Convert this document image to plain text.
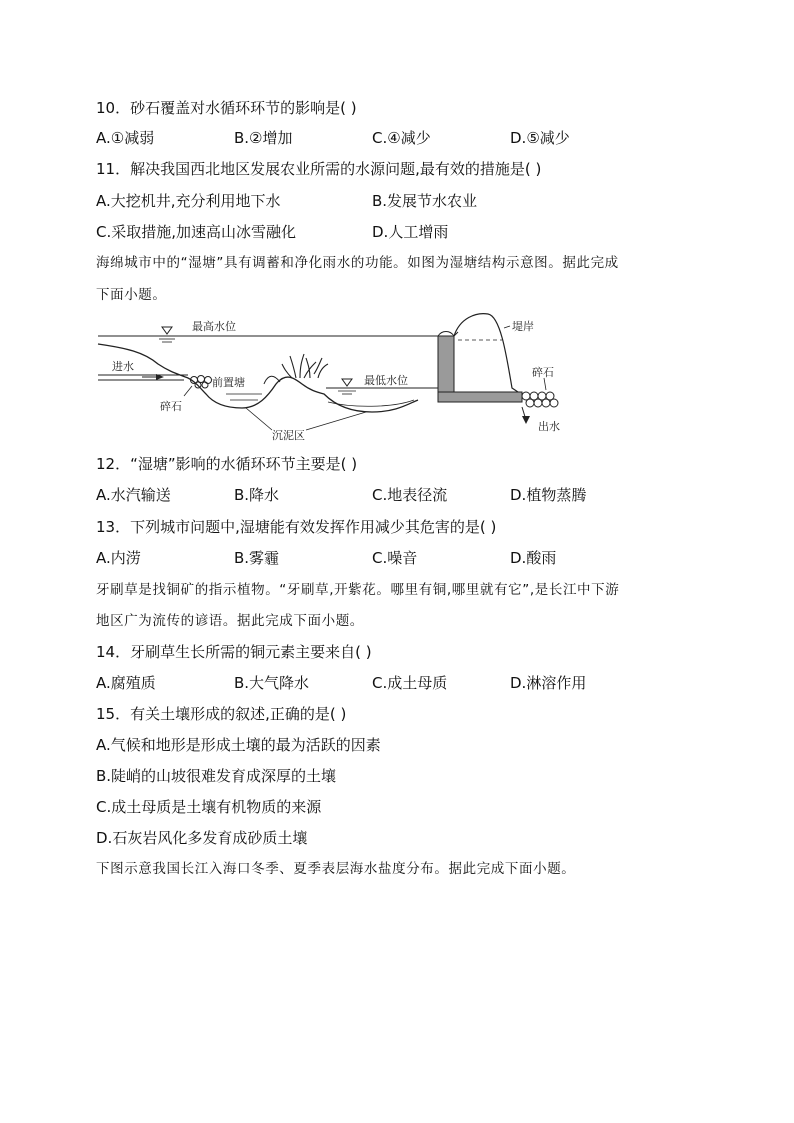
10．砂石覆盖对水循环环节的影响是( )
A.①减弱	B.②增加	C.④减少	D.⑤减少
11．解决我国西北地区发展农业所需的水源问题,最有效的措施是( )
A.大挖机井,充分利用地下水	B.发展节水农业
C.采取措施,加速高山冰雪融化	D.人工增雨
海绵城市中的“湿塘”具有调蓄和净化雨水的功能。如图为湿塘结构示意图。据此完成
下面小题。
最高水位
进水
碎石
前置塘
沉泥区
最低水位
堤岸
碎石
出水
12．“湿塘”影响的水循环环节主要是( )
A.水汽输送	B.降水	C.地表径流	D.植物蒸腾
13．下列城市问题中,湿塘能有效发挥作用减少其危害的是( )
A.内涝	B.雾霾	C.噪音	D.酸雨
牙刷草是找铜矿的指示植物。“牙刷草,开紫花。哪里有铜,哪里就有它”,是长江中下游
地区广为流传的谚语。据此完成下面小题。
14．牙刷草生长所需的铜元素主要来自( )
A.腐殖质	B.大气降水	C.成土母质	D.淋溶作用
15．有关土壤形成的叙述,正确的是( )
A.气候和地形是形成土壤的最为活跃的因素
B.陡峭的山坡很难发育成深厚的土壤
C.成土母质是土壤有机物质的来源
D.石灰岩风化多发育成砂质土壤
下图示意我国长江入海口冬季、夏季表层海水盐度分布。据此完成下面小题。
